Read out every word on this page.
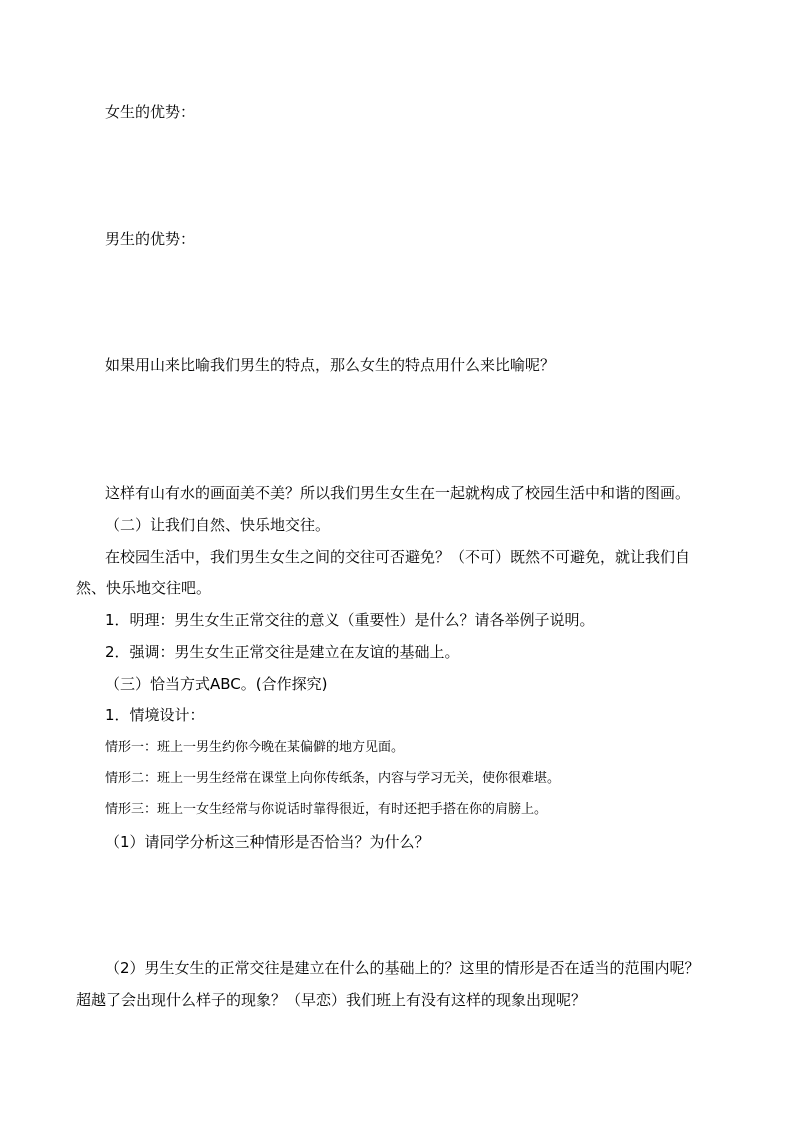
女生的优势：
男生的优势：
如果用山来比喻我们男生的特点，那么女生的特点用什么来比喻呢？
这样有山有水的画面美不美？所以我们男生女生在一起就构成了校园生活中和谐的图画。
（二）让我们自然、快乐地交往。
在校园生活中，我们男生女生之间的交往可否避免？（不可）既然不可避免，就让我们自
然、快乐地交往吧。
1．明理：男生女生正常交往的意义（重要性）是什么？请各举例子说明。
2．强调：男生女生正常交往是建立在友谊的基础上。
（三）恰当方式ABC。(合作探究)
1．情境设计：
情形一：班上一男生约你今晚在某偏僻的地方见面。
情形二：班上一男生经常在课堂上向你传纸条，内容与学习无关，使你很难堪。
情形三：班上一女生经常与你说话时靠得很近，有时还把手搭在你的肩膀上。
（1）请同学分析这三种情形是否恰当？为什么？
（2）男生女生的正常交往是建立在什么的基础上的？这里的情形是否在适当的范围内呢？
超越了会出现什么样子的现象？（早恋）我们班上有没有这样的现象出现呢？
